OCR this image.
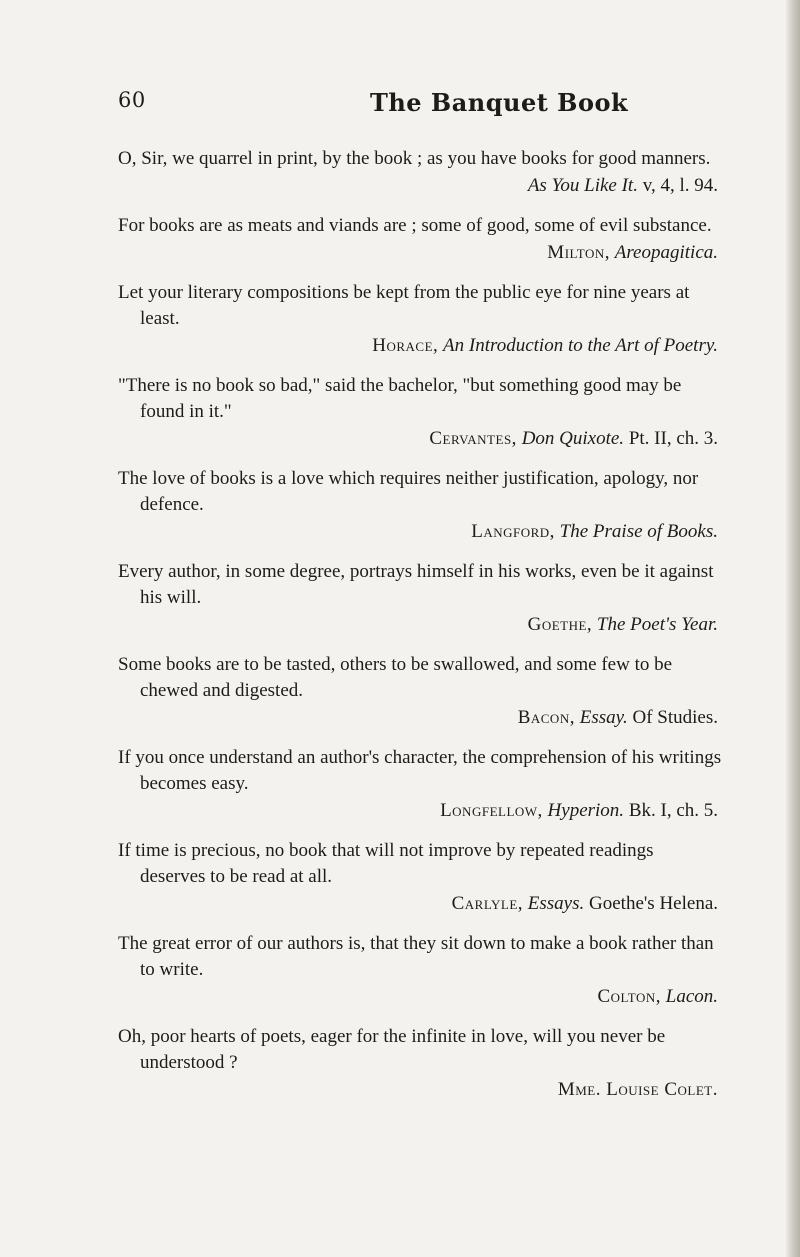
60	The Banquet Book

O, Sir, we quarrel in print, by the book ; as you have books for good manners.

As You Like It. v, 4, l. 94.

For books are as meats and viands are ; some of good, some of evil substance.

Milton, Areopagitica.

Let your literary compositions be kept from the public eye for nine years at least.

Horace, An Introduction to the Art of Poetry.

"There is no book so bad," said the bachelor, "but something good may be found in it."

Cervantes, Don Quixote. Pt. II, ch. 3.

The love of books is a love which requires neither justification, apology, nor defence.

Langford, The Praise of Books.

Every author, in some degree, portrays himself in his works, even be it against his will.

Goethe, The Poet's Year.

Some books are to be tasted, others to be swallowed, and some few to be chewed and digested.

Bacon, Essay. Of Studies.

If you once understand an author's character, the comprehension of his writings becomes easy.

Longfellow, Hyperion. Bk. I, ch. 5.

If time is precious, no book that will not improve by repeated readings deserves to be read at all.

Carlyle, Essays. Goethe's Helena.

The great error of our authors is, that they sit down to make a book rather than to write.

Colton, Lacon.

Oh, poor hearts of poets, eager for the infinite in love, will you never be understood ?

Mme. Louise Colet.
